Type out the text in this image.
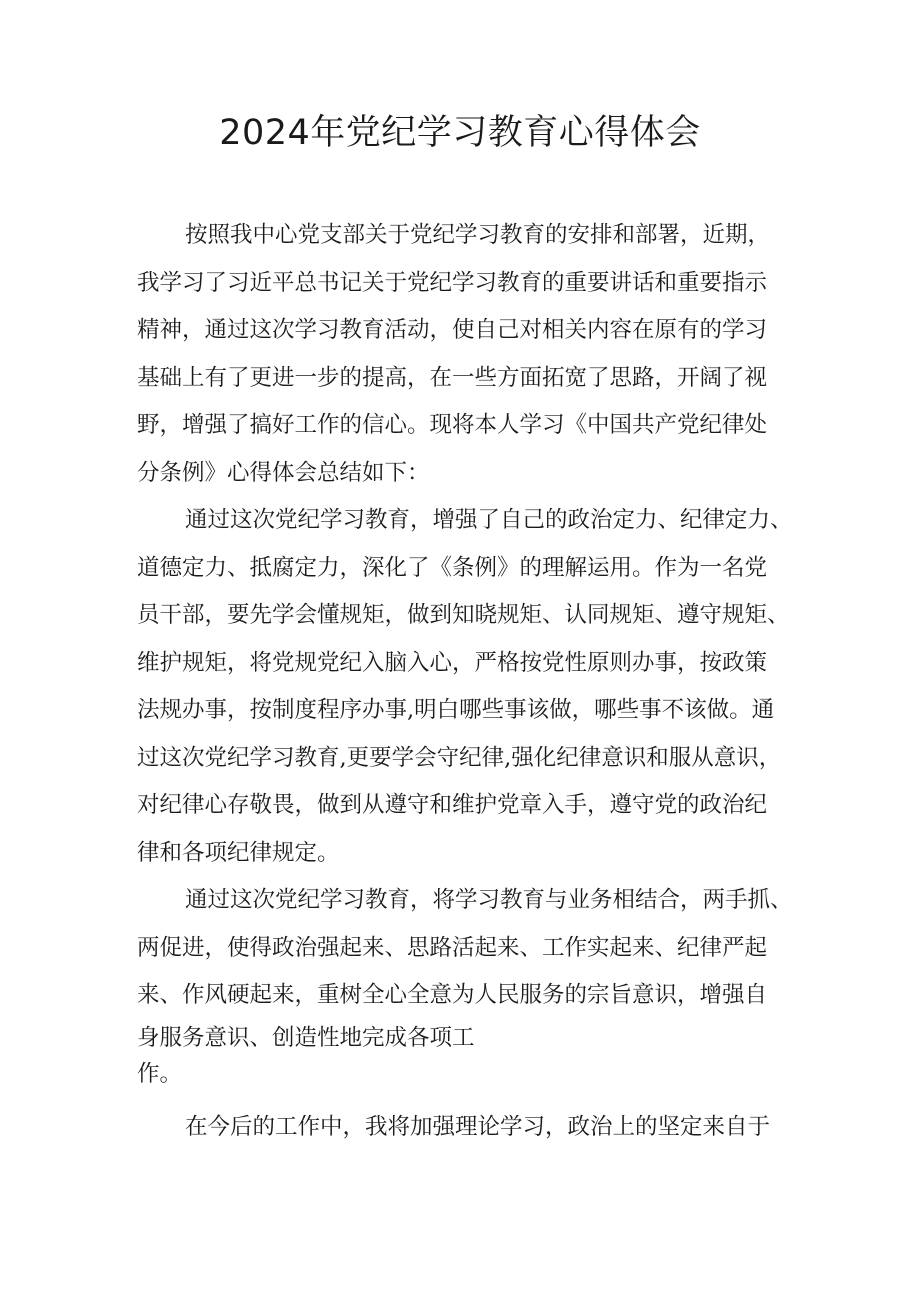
2024年党纪学习教育心得体会
按照我中心党支部关于党纪学习教育的安排和部署，近期，
我学习了习近平总书记关于党纪学习教育的重要讲话和重要指示
精神，通过这次学习教育活动，使自己对相关内容在原有的学习
基础上有了更进一步的提高，在一些方面拓宽了思路，开阔了视
野，增强了搞好工作的信心。现将本人学习《中国共产党纪律处
分条例》心得体会总结如下：
通过这次党纪学习教育，增强了自己的政治定力、纪律定力、
道德定力、抵腐定力，深化了《条例》的理解运用。作为一名党
员干部，要先学会懂规矩，做到知晓规矩、认同规矩、遵守规矩、
维护规矩，将党规党纪入脑入心，严格按党性原则办事，按政策
法规办事，按制度程序办事,明白哪些事该做，哪些事不该做。通
过这次党纪学习教育,更要学会守纪律,强化纪律意识和服从意识，
对纪律心存敬畏，做到从遵守和维护党章入手，遵守党的政治纪
律和各项纪律规定。
通过这次党纪学习教育，将学习教育与业务相结合，两手抓、
两促进，使得政治强起来、思路活起来、工作实起来、纪律严起
来、作风硬起来，重树全心全意为人民服务的宗旨意识，增强自
身服务意识、创造性地完成各项工
作。
在今后的工作中，我将加强理论学习，政治上的坚定来自于
